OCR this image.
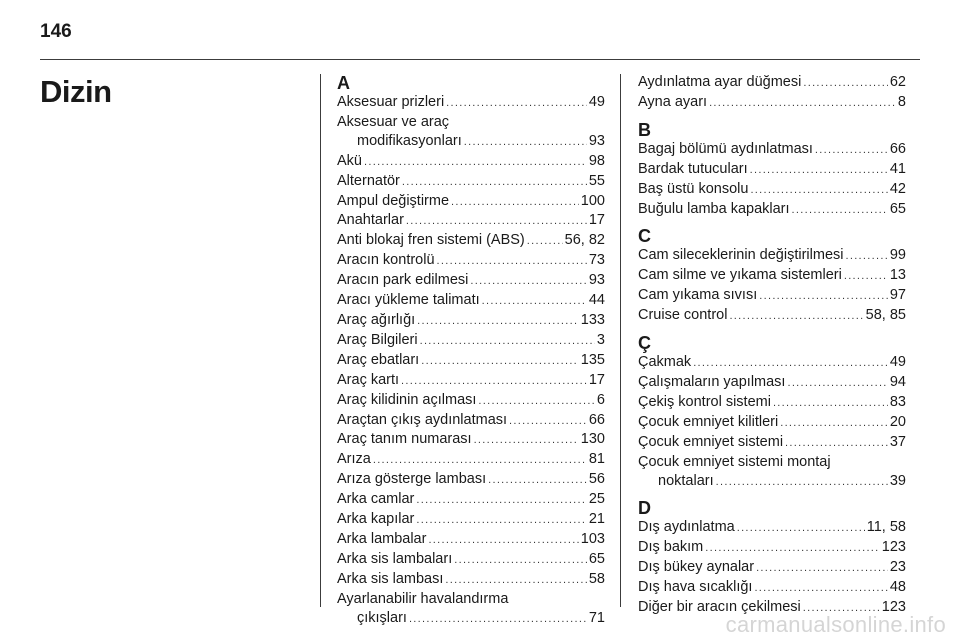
146
Dizin	A
Aksesuar prizleri .....	49
Aksesuar ve araç
modifikasyonları .....	93
Akü .....	98
Alternatör .....	55
Ampul değiştirme .....	100
Anahtarlar .....	17
Anti blokaj fren sistemi (ABS) .....	56, 82
Aracın kontrolü .....	73
Aracın park edilmesi .....	93
Aracı yükleme talimatı .....	44
Araç ağırlığı .....	133
Araç Bilgileri .....	3
Araç ebatları .....	135
Araç kartı .....	17
Araç kilidinin açılması .....	6
Araçtan çıkış aydınlatması .....	66
Araç tanım numarası .....	130
Arıza .....	81
Arıza gösterge lambası .....	56
Arka camlar .....	25
Arka kapılar .....	21
Arka lambalar .....	103
Arka sis lambaları .....	65
Arka sis lambası .....	58
Ayarlanabilir havalandırma
çıkışları .....	71
Aydınlatma ayar düğmesi .....	62
Ayna ayarı .....	8
B
Bagaj bölümü aydınlatması .....	66
Bardak tutucuları .....	41
Baş üstü konsolu .....	42
Buğulu lamba kapakları .....	65
C
Cam sileceklerinin değiştirilmesi .....	99
Cam silme ve yıkama sistemleri .....	13
Cam yıkama sıvısı .....	97
Cruise control .....	58, 85
Ç
Çakmak .....	49
Çalışmaların yapılması .....	94
Çekiş kontrol sistemi .....	83
Çocuk emniyet kilitleri .....	20
Çocuk emniyet sistemi .....	37
Çocuk emniyet sistemi montaj
noktaları .....	39
D
Dış aydınlatma .....	11, 58
Dış bakım .....	123
Dış bükey aynalar .....	23
Dış hava sıcaklığı .....	48
Diğer bir aracın çekilmesi .....	123
carmanualsonline.info
